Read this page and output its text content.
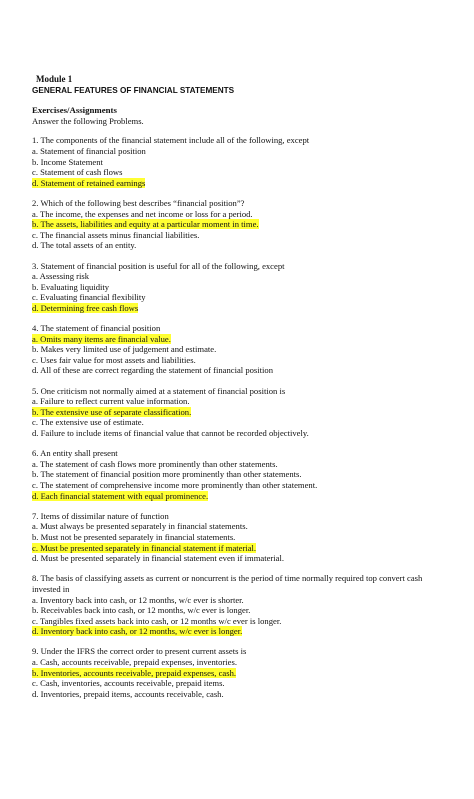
Module 1
GENERAL FEATURES OF FINANCIAL STATEMENTS
Exercises/Assignments
Answer the following Problems.
1. The components of the financial statement include all of the following, except
a. Statement of financial position
b. Income Statement
c. Statement of cash flows
d. Statement of retained earnings
2. Which of the following best describes “financial position”?
a. The income, the expenses and net income or loss for a period.
b. The assets, liabilities and equity at a particular moment in time.
c. The financial assets minus financial liabilities.
d. The total assets of an entity.
3. Statement of financial position is useful for all of the following, except
a. Assessing risk
b. Evaluating liquidity
c. Evaluating financial flexibility
d. Determining free cash flows
4. The statement of financial position
a. Omits many items are financial value.
b. Makes very limited use of judgement and estimate.
c. Uses fair value for most assets and liabilities.
d. All of these are correct regarding the statement of financial position
5. One criticism not normally aimed at a statement of financial position is
a. Failure to reflect current value information.
b. The extensive use of separate classification.
c. The extensive use of estimate.
d. Failure to include items of financial value that cannot be recorded objectively.
6. An entity shall present
a. The statement of cash flows more prominently than other statements.
b. The statement of financial position more prominently than other statements.
c. The statement of comprehensive income more prominently than other statement.
d. Each financial statement with equal prominence.
7. Items of dissimilar nature of function
a. Must always be presented separately in financial statements.
b. Must not be presented separately in financial statements.
c. Must be presented separately in financial statement if material.
d. Must be presented separately in financial statement even if immaterial.
8. The basis of classifying assets as current or noncurrent is the period of time normally required top convert cash invested in
a. Inventory back into cash, or 12 months, w/c ever is shorter.
b. Receivables back into cash, or 12 months, w/c ever is longer.
c. Tangibles fixed assets back into cash, or 12 months w/c ever is longer.
d. Inventory back into cash, or 12 months, w/c ever is longer.
9. Under the IFRS the correct order to present current assets is
a. Cash, accounts receivable, prepaid expenses, inventories.
b. Inventories, accounts receivable, prepaid expenses, cash.
c. Cash, inventories, accounts receivable, prepaid items.
d. Inventories, prepaid items, accounts receivable, cash.
